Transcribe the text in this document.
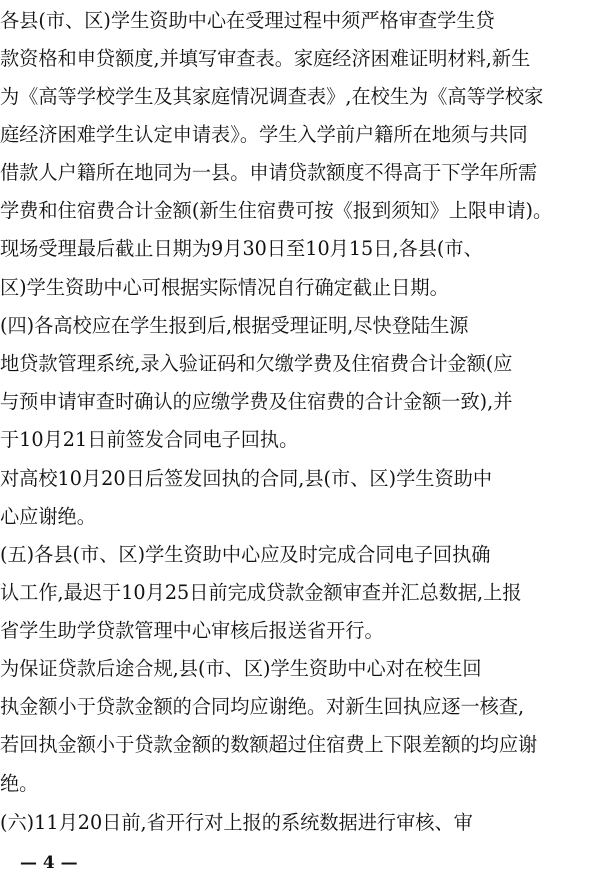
各县(市、区)学生资助中心在受理过程中须严格审查学生贷
款资格和申贷额度,并填写审查表。家庭经济困难证明材料,新生
为《高等学校学生及其家庭情况调查表》,在校生为《高等学校家
庭经济困难学生认定申请表》。学生入学前户籍所在地须与共同
借款人户籍所在地同为一县。申请贷款额度不得高于下学年所需
学费和住宿费合计金额(新生住宿费可按《报到须知》上限申请)。
现场受理最后截止日期为9月30日至10月15日,各县(市、
区)学生资助中心可根据实际情况自行确定截止日期。
(四)各高校应在学生报到后,根据受理证明,尽快登陆生源
地贷款管理系统,录入验证码和欠缴学费及住宿费合计金额(应
与预申请审查时确认的应缴学费及住宿费的合计金额一致),并
于10月21日前签发合同电子回执。
对高校10月20日后签发回执的合同,县(市、区)学生资助中
心应谢绝。
(五)各县(市、区)学生资助中心应及时完成合同电子回执确
认工作,最迟于10月25日前完成贷款金额审查并汇总数据,上报
省学生助学贷款管理中心审核后报送省开行。
为保证贷款后途合规,县(市、区)学生资助中心对在校生回
执金额小于贷款金额的合同均应谢绝。对新生回执应逐一核查,
若回执金额小于贷款金额的数额超过住宿费上下限差额的均应谢
绝。
(六)11月20日前,省开行对上报的系统数据进行审核、审
— 4 —
